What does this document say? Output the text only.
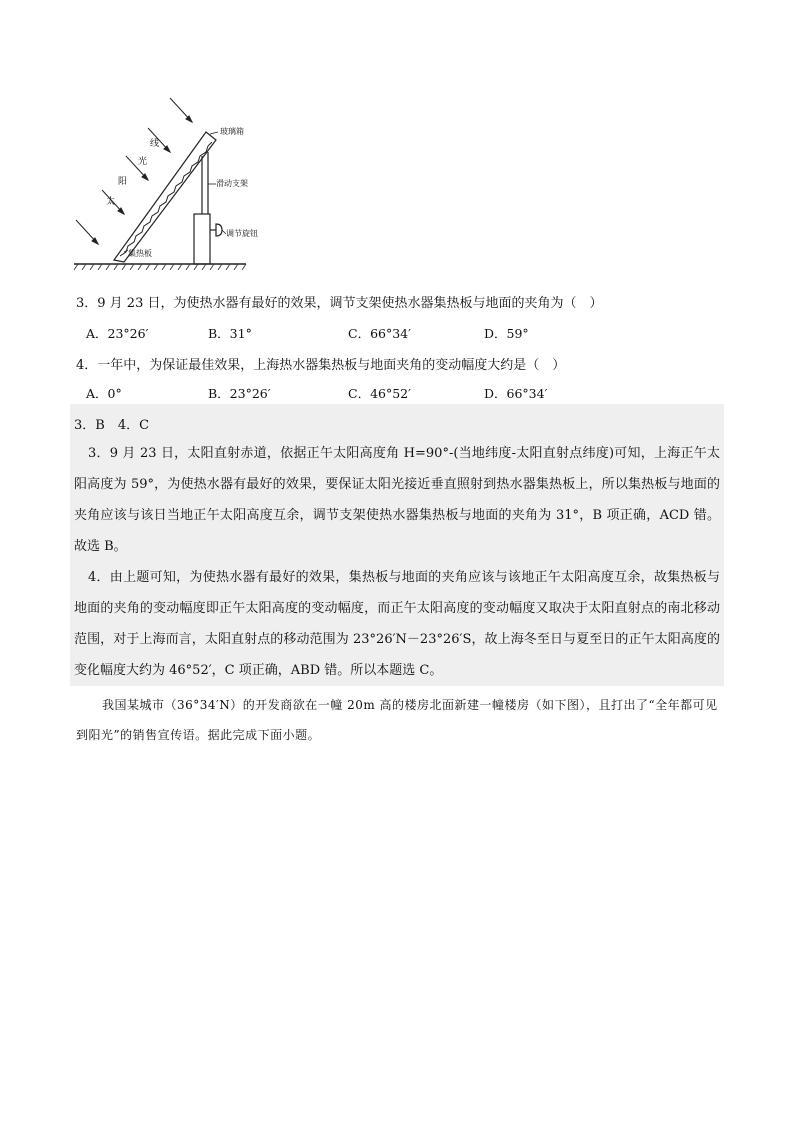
玻璃箱
滑动支架
调节旋钮
集热板
线
光
阳
太
3．9 月 23 日，为使热水器有最好的效果，调节支架使热水器集热板与地面的夹角为（　）
A．23°26′	B．31°	C．66°34′	D．59°
4．一年中，为保证最佳效果，上海热水器集热板与地面夹角的变动幅度大约是（　）
A．0°	B．23°26′	C．46°52′	D．66°34′
3．B　4．C

3．9 月 23 日，太阳直射赤道，依据正午太阳高度角 H=90°-(当地纬度-太阳直射点纬度)可知，上海正午太阳高度为 59°，为使热水器有最好的效果，要保证太阳光接近垂直照射到热水器集热板上，所以集热板与地面的夹角应该与该日当地正午太阳高度互余，调节支架使热水器集热板与地面的夹角为 31°，B 项正确，ACD 错。故选 B。

4．由上题可知，为使热水器有最好的效果，集热板与地面的夹角应该与该地正午太阳高度互余，故集热板与地面的夹角的变动幅度即正午太阳高度的变动幅度，而正午太阳高度的变动幅度又取决于太阳直射点的南北移动范围，对于上海而言，太阳直射点的移动范围为 23°26′N－23°26′S，故上海冬至日与夏至日的正午太阳高度的变化幅度大约为 46°52′，C 项正确，ABD 错。所以本题选 C。

我国某城市（36°34′N）的开发商欲在一幢 20m 高的楼房北面新建一幢楼房（如下图），且打出了“全年都可见到阳光”的销售宣传语。据此完成下面小题。
